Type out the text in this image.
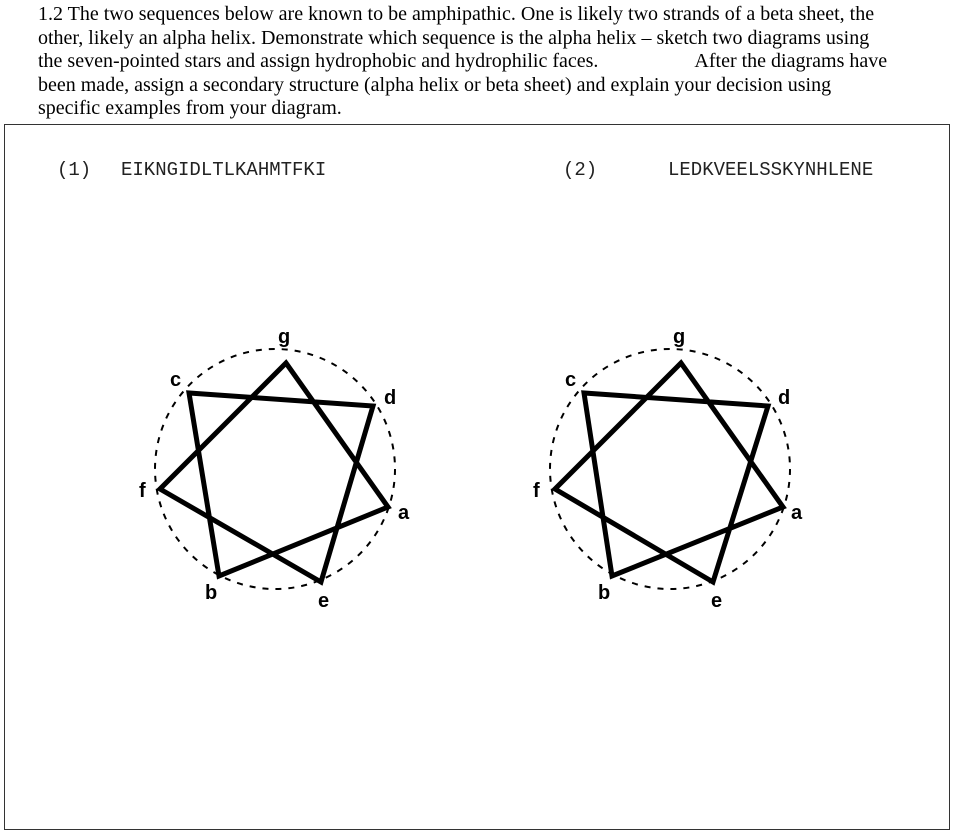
1.2 The two sequences below are known to be amphipathic. One is likely two strands of a beta sheet, the
other, likely an alpha helix. Demonstrate which sequence is the alpha helix – sketch two diagrams using
the seven-pointed stars and assign hydrophobic and hydrophilic faces.	After the diagrams have
been made, assign a secondary structure (alpha helix or beta sheet) and explain your decision using
specific examples from your diagram.
(1) EIKNGIDLTLKAHMTFKI	(2)	LEDKVEELSSKYNHLENE
g
c
d
f
a
b	e
g
c
d
f
a
b	e
